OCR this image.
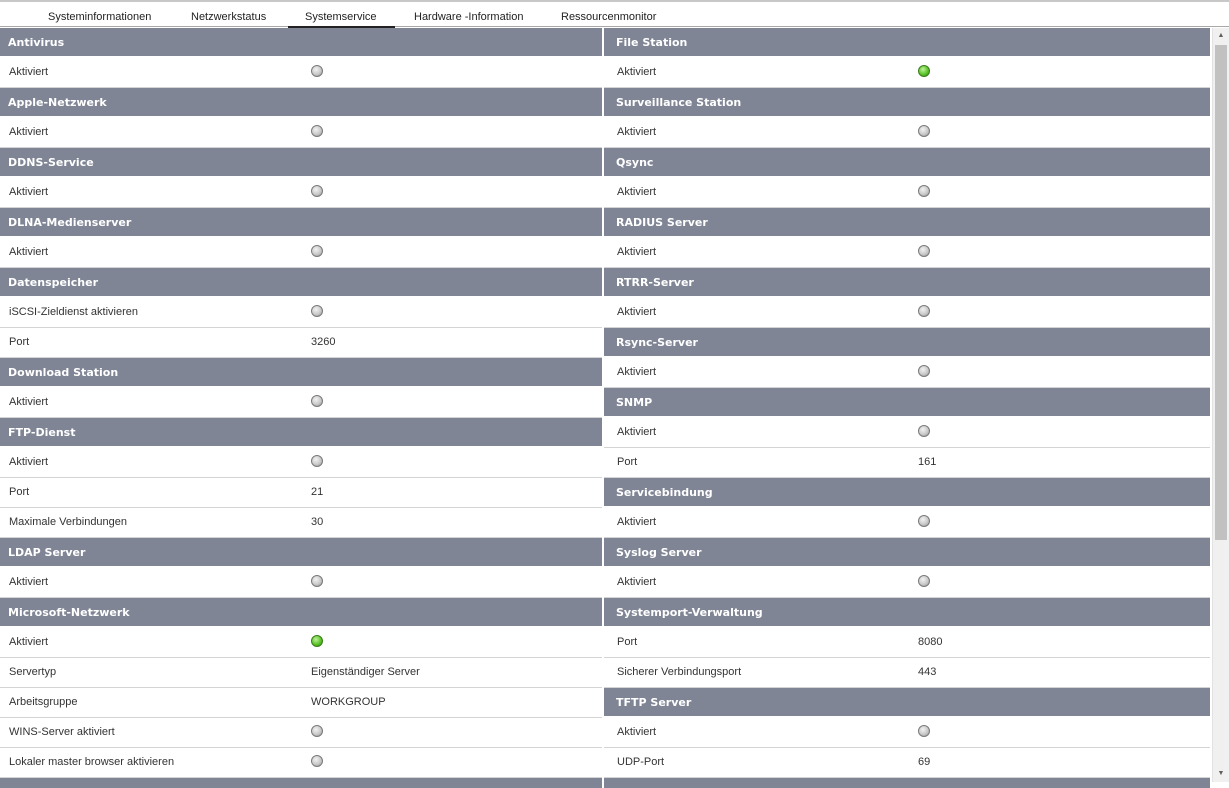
Systeminformationen	Netzwerkstatus	Systemservice	Hardware -Information	Ressourcenmonitor
Antivirus
Aktiviert
Apple-Netzwerk
Aktiviert
DDNS-Service
Aktiviert
DLNA-Medienserver
Aktiviert
Datenspeicher
iSCSI-Zieldienst aktivieren
Port	3260
Download Station
Aktiviert
FTP-Dienst
Aktiviert
Port	21
Maximale Verbindungen	30
LDAP Server
Aktiviert
Microsoft-Netzwerk
Aktiviert
Servertyp	Eigenständiger Server
Arbeitsgruppe	WORKGROUP
WINS-Server aktiviert
Lokaler master browser aktivieren
File Station
Aktiviert
Surveillance Station
Aktiviert
Qsync
Aktiviert
RADIUS Server
Aktiviert
RTRR-Server
Aktiviert
Rsync-Server
Aktiviert
SNMP
Aktiviert
Port	161
Servicebindung
Aktiviert
Syslog Server
Aktiviert
Systemport-Verwaltung
Port	8080
Sicherer Verbindungsport	443
TFTP Server
Aktiviert
UDP-Port	69
▲
▼
